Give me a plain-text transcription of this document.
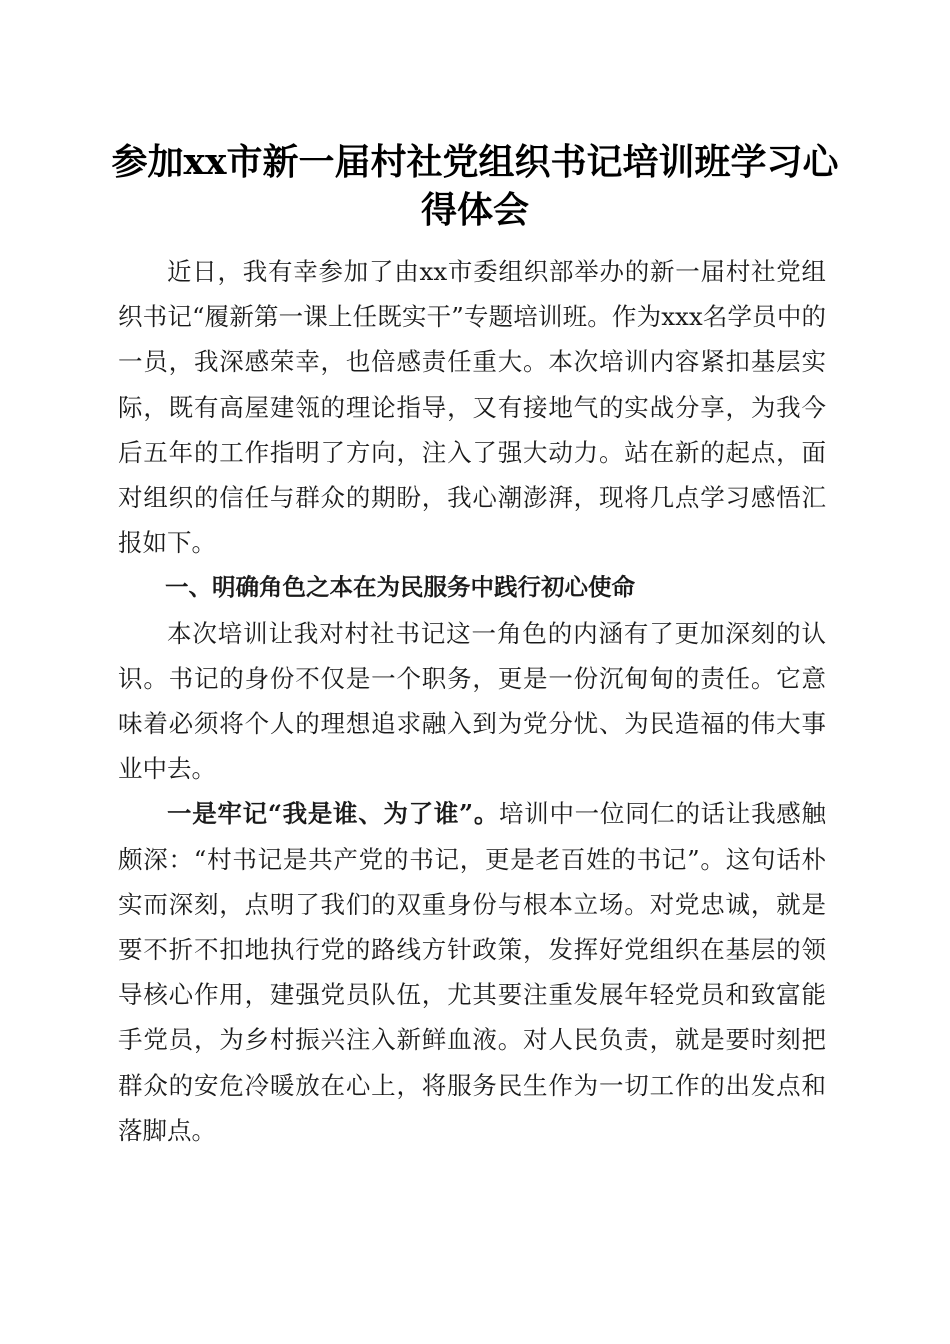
参加xx市新一届村社党组织书记培训班学习心得体会

近日，我有幸参加了由xx市委组织部举办的新一届村社党组织书记“履新第一课上任既实干”专题培训班。作为xxx名学员中的一员，我深感荣幸，也倍感责任重大。本次培训内容紧扣基层实际，既有高屋建瓴的理论指导，又有接地气的实战分享，为我今后五年的工作指明了方向，注入了强大动力。站在新的起点，面对组织的信任与群众的期盼，我心潮澎湃，现将几点学习感悟汇报如下。

一、明确角色之本在为民服务中践行初心使命

本次培训让我对村社书记这一角色的内涵有了更加深刻的认识。书记的身份不仅是一个职务，更是一份沉甸甸的责任。它意味着必须将个人的理想追求融入到为党分忧、为民造福的伟大事业中去。

一是牢记“我是谁、为了谁”。培训中一位同仁的话让我感触颇深：“村书记是共产党的书记，更是老百姓的书记”。这句话朴实而深刻，点明了我们的双重身份与根本立场。对党忠诚，就是要不折不扣地执行党的路线方针政策，发挥好党组织在基层的领导核心作用，建强党员队伍，尤其要注重发展年轻党员和致富能手党员，为乡村振兴注入新鲜血液。对人民负责，就是要时刻把群众的安危冷暖放在心上，将服务民生作为一切工作的出发点和落脚点。
